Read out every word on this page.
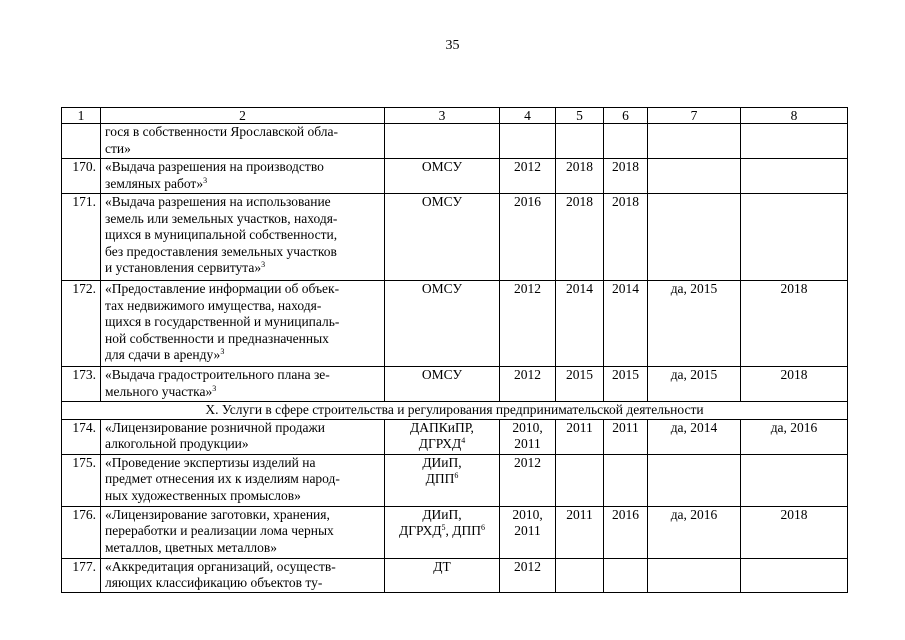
35
1	2	3	4	5	6	7	8

	гося в собственности Ярославской обла-
сти»						

170.	«Выдача разрешения на производство
земляных работ»$^3$	ОМСУ	2012	2018	2018		
171.	«Выдача разрешения на использование
земель или земельных участков, находя-
щихся в муниципальной собственности,
без предоставления земельных участков
и установления сервитута»$^3$	ОМСУ	2016	2018	2018		
172.	«Предоставление информации об объек-
тах недвижимого имущества, находя-
щихся в государственной и муниципаль-
ной собственности и предназначенных
для сдачи в аренду»$^3$	ОМСУ	2012	2014	2014	да, 2015	2018
173.	«Выдача градостроительного плана зе-
мельного участка»$^3$	ОМСУ	2012	2015	2015	да, 2015	2018
X. Услуги в сфере строительства и регулирования предпринимательской деятельности							
174.	«Лицензирование розничной продажи
алкогольной продукции»	ДАПКиПР,
ДГРХД$^4$	2010,
2011	2011	2011	да, 2014	да, 2016
175.	«Проведение экспертизы изделий на
предмет отнесения их к изделиям народ-
ных художественных промыслов»	ДИиП,
ДПП$^6$	2012				

176.	«Лицензирование заготовки, хранения,
переработки и реализации лома черных
металлов, цветных металлов»	ДИиП,
ДГРХД$^5$, ДПП$^6$	2010,
2011	2011	2016	да, 2016	2018
177.	«Аккредитация организаций, осуществ-
ляющих классификацию объектов ту-	ДТ	2012				
